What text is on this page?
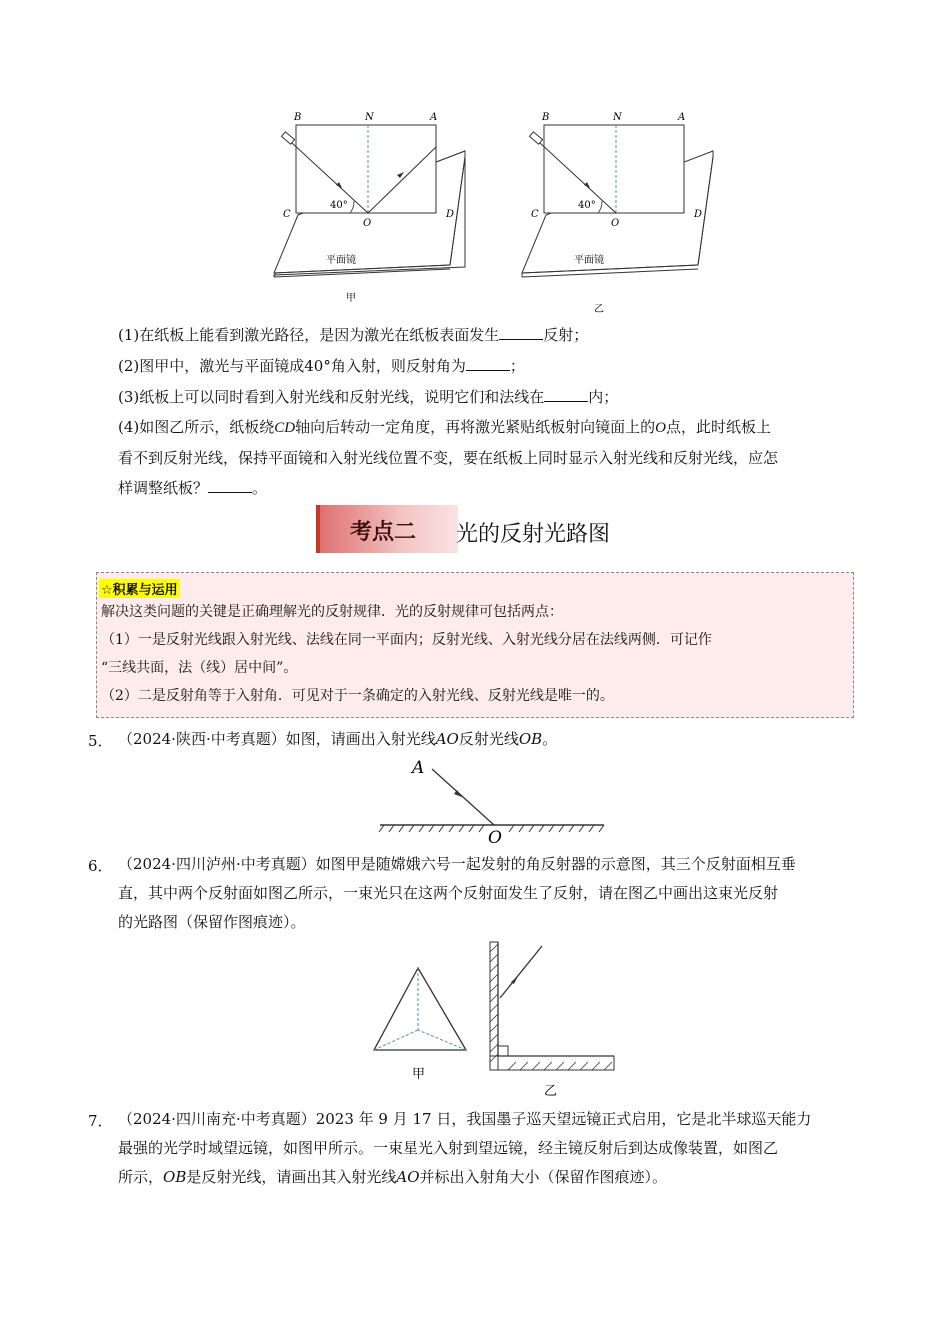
40°
B	N	A
C	D
O
平面镜
甲
40°
B	N	A
C	D
O
平面镜
乙
(1)在纸板上能看到激光路径，是因为激光在纸板表面发生	反射；
(2)图甲中，激光与平面镜成40°角入射，则反射角为	；
(3)纸板上可以同时看到入射光线和反射光线，说明它们和法线在	内；
(4)如图乙所示，纸板绕CD轴向后转动一定角度，再将激光紧贴纸板射向镜面上的O点，此时纸板上
看不到反射光线，保持平面镜和入射光线位置不变，要在纸板上同时显示入射光线和反射光线，应怎
样调整纸板？	。
考点二 光的反射光路图
☆积累与运用
解决这类问题的关键是正确理解光的反射规律．光的反射规律可包括两点：
（1）一是反射光线跟入射光线、法线在同一平面内；反射光线、入射光线分居在法线两侧．可记作
“三线共面，法（线）居中间”。
（2）二是反射角等于入射角．可见对于一条确定的入射光线、反射光线是唯一的。
5． （2024·陕西·中考真题）如图，请画出入射光线AO反射光线OB。
A
O
6． （2024·四川泸州·中考真题）如图甲是随嫦娥六号一起发射的角反射器的示意图，其三个反射面相互垂
直，其中两个反射面如图乙所示，一束光只在这两个反射面发生了反射，请在图乙中画出这束光反射
的光路图（保留作图痕迹）。
甲
乙
7． （2024·四川南充·中考真题）2023 年 9 月 17 日，我国墨子巡天望远镜正式启用，它是北半球巡天能力
最强的光学时域望远镜，如图甲所示。一束星光入射到望远镜，经主镜反射后到达成像装置，如图乙
所示，OB是反射光线，请画出其入射光线AO并标出入射角大小（保留作图痕迹）。
